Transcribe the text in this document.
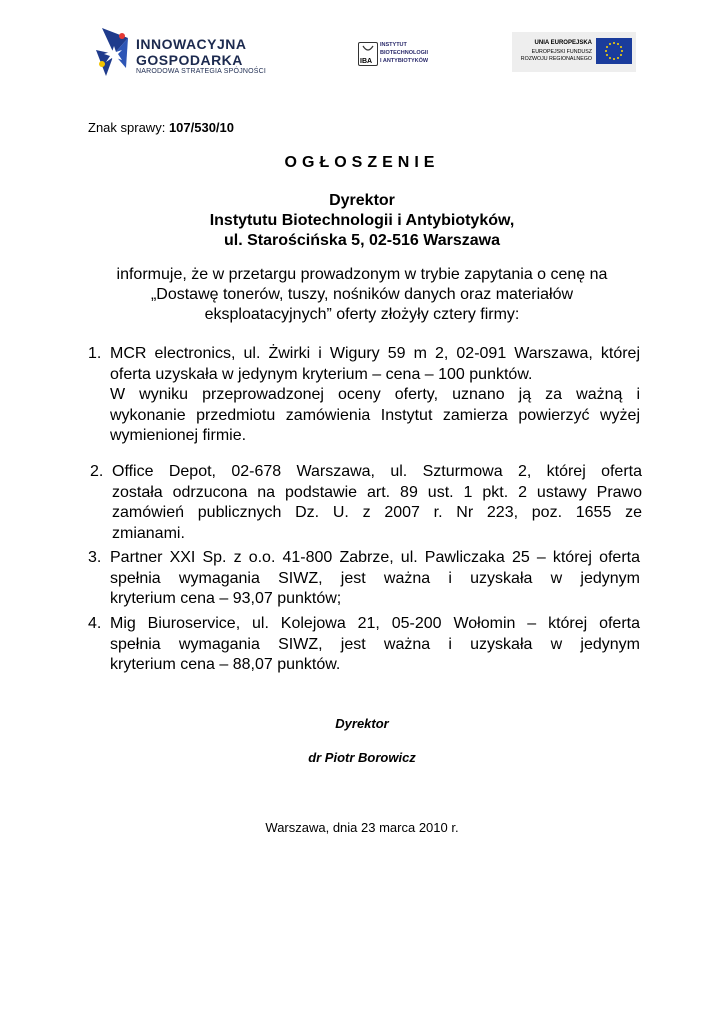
INNOWACYJNA
GOSPODARKA
NARODOWA STRATEGIA SPÓJNOŚCI
IBA
INSTYTUT
BIOTECHNOLOGII
I ANTYBIOTYKÓW
UNIA EUROPEJSKA
EUROPEJSKI FUNDUSZ
ROZWOJU REGIONALNEGO
Znak sprawy: 107/530/10
OGŁOSZENIE
Dyrektor
Instytutu Biotechnologii i Antybiotyków,
ul. Starościńska 5, 02-516 Warszawa
informuje, że w przetargu prowadzonym w trybie zapytania o cenę na
„Dostawę tonerów, tuszy, nośników danych oraz materiałów
eksploatacyjnych” oferty złożyły cztery firmy:
1. MCR electronics, ul. Żwirki i Wigury 59 m 2, 02-091 Warszawa, której
oferta uzyskała w jedynym kryterium – cena – 100 punktów.
W wyniku przeprowadzonej oceny oferty, uznano ją za ważną i
wykonanie przedmiotu zamówienia Instytut zamierza powierzyć wyżej
wymienionej firmie.
2. Office Depot, 02-678 Warszawa, ul. Szturmowa 2, której oferta
została odrzucona na podstawie art. 89 ust. 1 pkt. 2 ustawy Prawo
zamówień publicznych Dz. U. z 2007 r. Nr 223, poz. 1655 ze
zmianami.
3. Partner XXI Sp. z o.o. 41-800 Zabrze, ul. Pawliczaka 25 – której oferta
spełnia wymagania SIWZ, jest ważna i uzyskała w jedynym
kryterium cena – 93,07 punktów;
4. Mig Biuroservice, ul. Kolejowa 21, 05-200 Wołomin – której oferta
spełnia wymagania SIWZ, jest ważna i uzyskała w jedynym
kryterium cena – 88,07 punktów.
Dyrektor
dr Piotr Borowicz
Warszawa, dnia 23 marca 2010 r.
